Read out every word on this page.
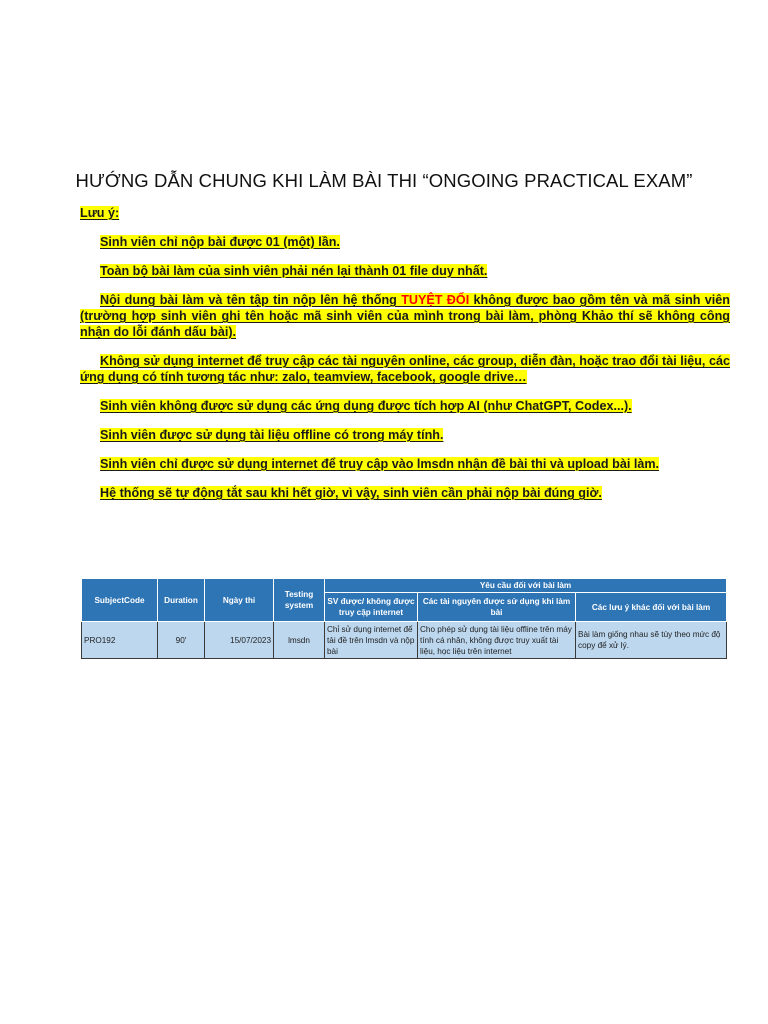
HƯỚNG DẪN CHUNG KHI LÀM BÀI THI “ONGOING PRACTICAL EXAM”

Lưu ý:

Sinh viên chỉ nộp bài được 01 (một) lần.

Toàn bộ bài làm của sinh viên phải nén lại thành 01 file duy nhất.

Nội dung bài làm và tên tập tin nộp lên hệ thống TUYỆT ĐỐI không được bao gồm tên và mã sinh viên (trường hợp sinh viên ghi tên hoặc mã sinh viên của mình trong bài làm, phòng Khảo thí sẽ không công nhận do lỗi đánh dấu bài).

Không sử dụng internet để truy cập các tài nguyên online, các group, diễn đàn, hoặc trao đổi tài liệu, các ứng dụng có tính tương tác như: zalo, teamview, facebook, google drive…

Sinh viên không được sử dụng các ứng dụng được tích hợp AI (như ChatGPT, Codex...).

Sinh viên được sử dụng tài liệu offline có trong máy tính.

Sinh viên chỉ được sử dụng internet để truy cập vào lmsdn nhận đề bài thi và upload bài làm.

Hệ thống sẽ tự động tắt sau khi hết giờ, vì vậy, sinh viên cần phải nộp bài đúng giờ.

SubjectCode	Duration	Ngày thi	Testing system	Yêu cầu đối với bài làm		
				SV được/ không được truy cập internet	Các tài nguyên được sử dụng khi làm bài	Các lưu ý khác đối với bài làm
PRO192	90'	15/07/2023	lmsdn	Chỉ sử dụng internet để tải đề trên lmsdn và nộp bài	Cho phép sử dụng tài liệu offline trên máy tính cá nhân, không được truy xuất tài liệu, học liệu trên internet	Bài làm giống nhau sẽ tùy theo mức độ copy để xử lý.
